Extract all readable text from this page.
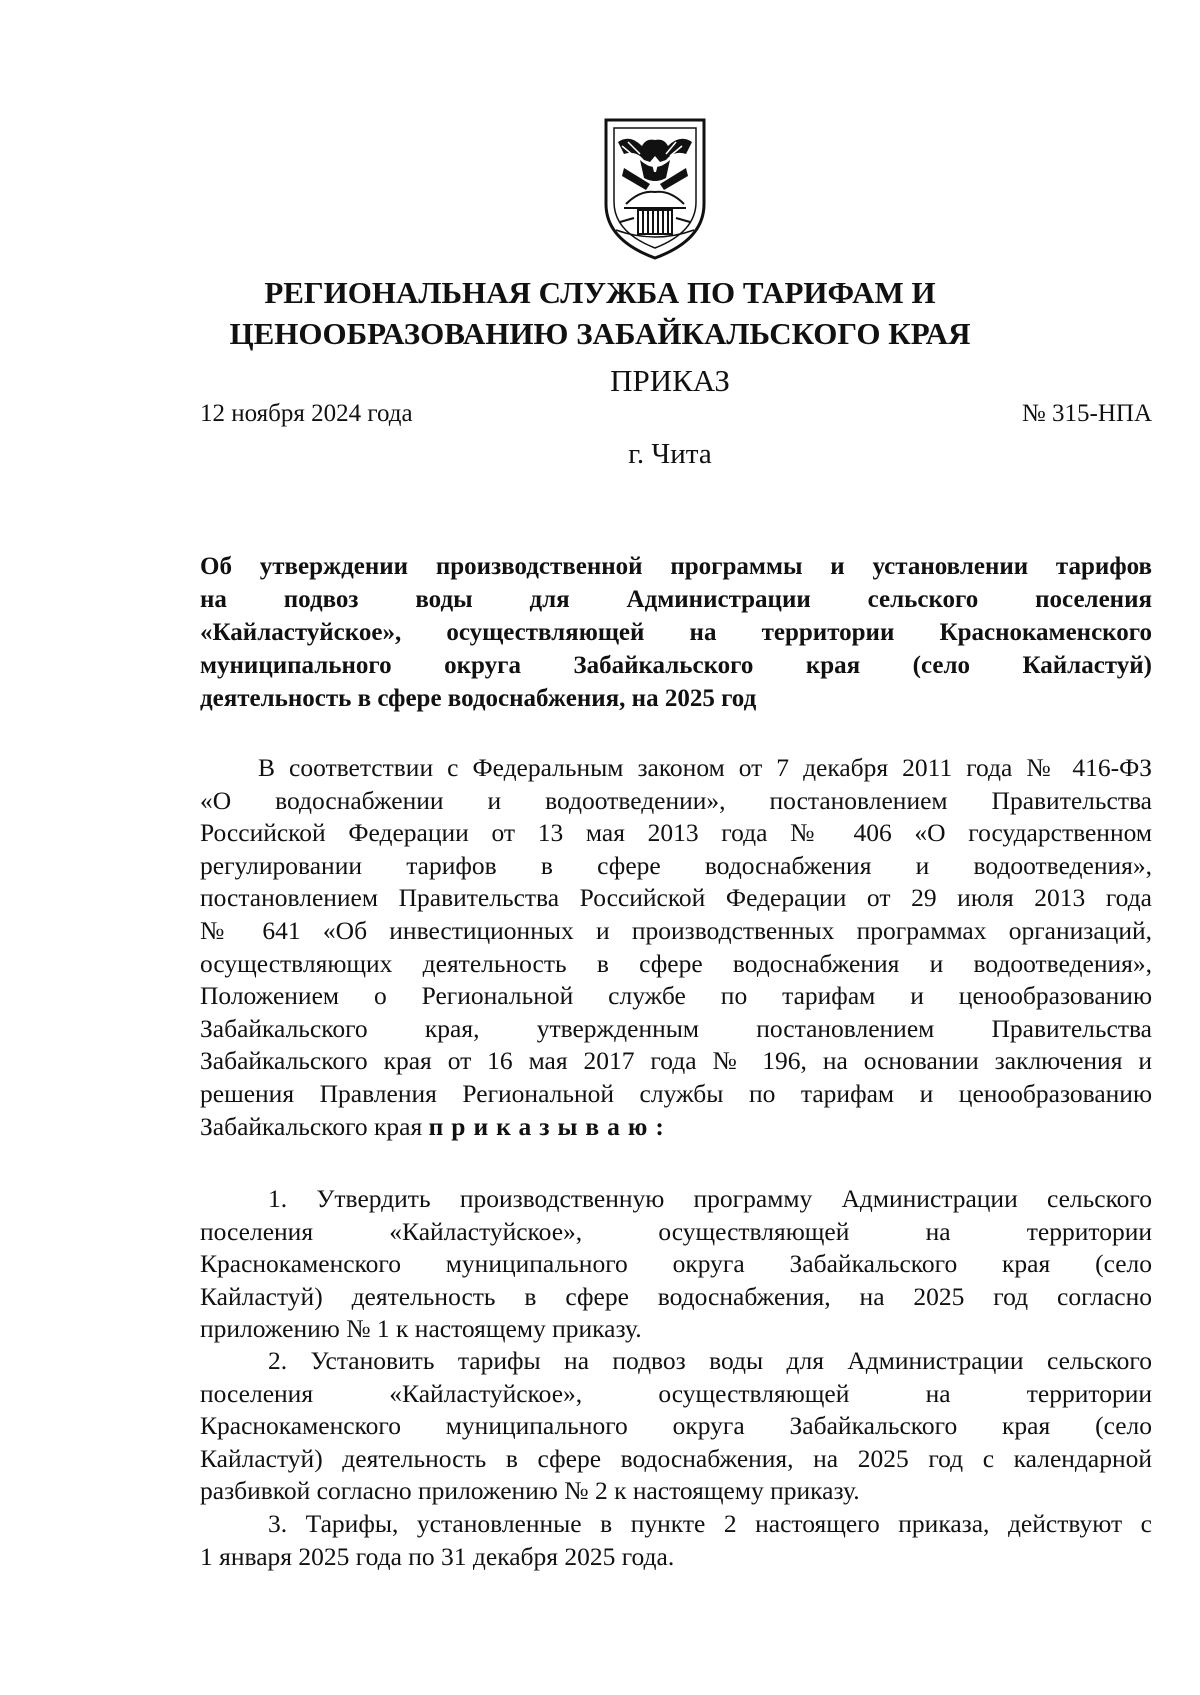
РЕГИОНАЛЬНАЯ СЛУЖБА ПО ТАРИФАМ И
ЦЕНООБРАЗОВАНИЮ ЗАБАЙКАЛЬСКОГО КРАЯ
ПРИКАЗ
12 ноября 2024 года	№ 315-НПА
г. Чита
Об утверждении производственной программы и установлении тарифов
на подвоз воды для Администрации сельского поселения
«Кайластуйское», осуществляющей на территории Краснокаменского
муниципального округа Забайкальского края (село Кайластуй)
деятельность в сфере водоснабжения, на 2025 год
В соответствии с Федеральным законом от 7 декабря 2011 года № 416-ФЗ
«О водоснабжении и водоотведении», постановлением Правительства
Российской Федерации от 13 мая 2013 года № 406 «О государственном
регулировании тарифов в сфере водоснабжения и водоотведения»,
постановлением Правительства Российской Федерации от 29 июля 2013 года
№ 641 «Об инвестиционных и производственных программах организаций,
осуществляющих деятельность в сфере водоснабжения и водоотведения»,
Положением о Региональной службе по тарифам и ценообразованию
Забайкальского края, утвержденным постановлением Правительства
Забайкальского края от 16 мая 2017 года № 196, на основании заключения и
решения Правления Региональной службы по тарифам и ценообразованию
Забайкальского края приказываю:
1. Утвердить производственную программу Администрации сельского
поселения «Кайластуйское», осуществляющей на территории
Краснокаменского муниципального округа Забайкальского края (село
Кайластуй) деятельность в сфере водоснабжения, на 2025 год согласно
приложению № 1 к настоящему приказу.
2. Установить тарифы на подвоз воды для Администрации сельского
поселения «Кайластуйское», осуществляющей на территории
Краснокаменского муниципального округа Забайкальского края (село
Кайластуй) деятельность в сфере водоснабжения, на 2025 год с календарной
разбивкой согласно приложению № 2 к настоящему приказу.
3. Тарифы, установленные в пункте 2 настоящего приказа, действуют с
1 января 2025 года по 31 декабря 2025 года.
